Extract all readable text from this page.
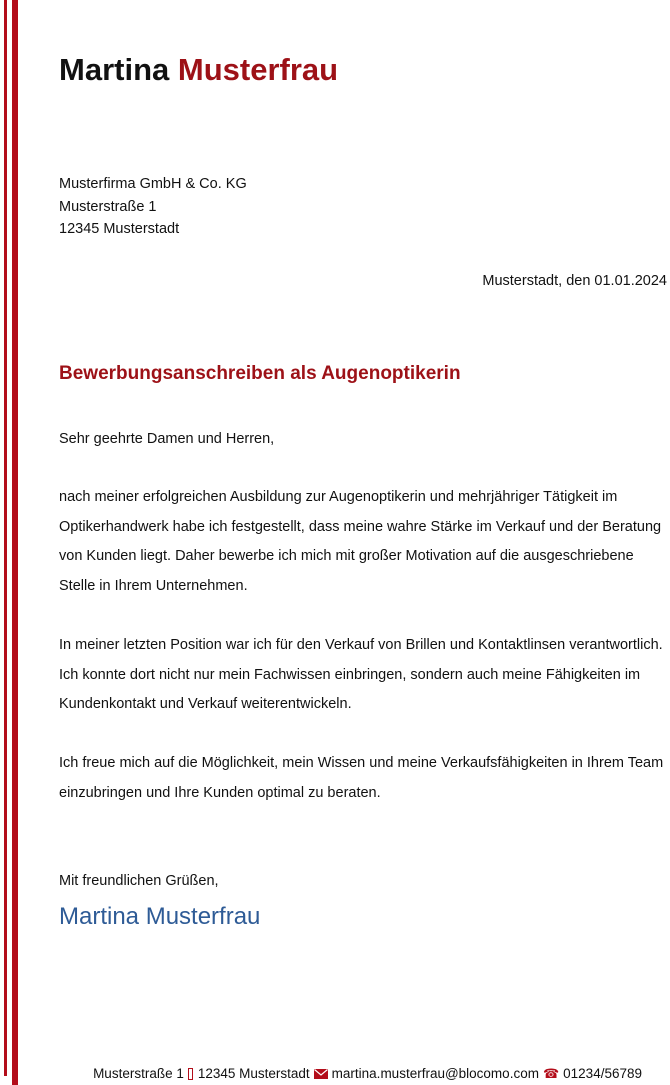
Martina Musterfrau
Musterfirma GmbH & Co. KG
Musterstraße 1
12345 Musterstadt
Musterstadt, den 01.01.2024
Bewerbungsanschreiben als Augenoptikerin
Sehr geehrte Damen und Herren,

nach meiner erfolgreichen Ausbildung zur Augenoptikerin und mehrjähriger Tätigkeit im Optikerhandwerk habe ich festgestellt, dass meine wahre Stärke im Verkauf und der Beratung von Kunden liegt. Daher bewerbe ich mich mit großer Motivation auf die ausgeschriebene Stelle in Ihrem Unternehmen.

In meiner letzten Position war ich für den Verkauf von Brillen und Kontaktlinsen verantwortlich. Ich konnte dort nicht nur mein Fachwissen einbringen, sondern auch meine Fähigkeiten im Kundenkontakt und Verkauf weiterentwickeln.

Ich freue mich auf die Möglichkeit, mein Wissen und meine Verkaufsfähigkeiten in Ihrem Team einzubringen und Ihre Kunden optimal zu beraten.

Mit freundlichen Grüßen,
Martina Musterfrau
Musterstraße 1 12345 Musterstadt martina.musterfrau@blocomo.com ☎ 01234/56789
